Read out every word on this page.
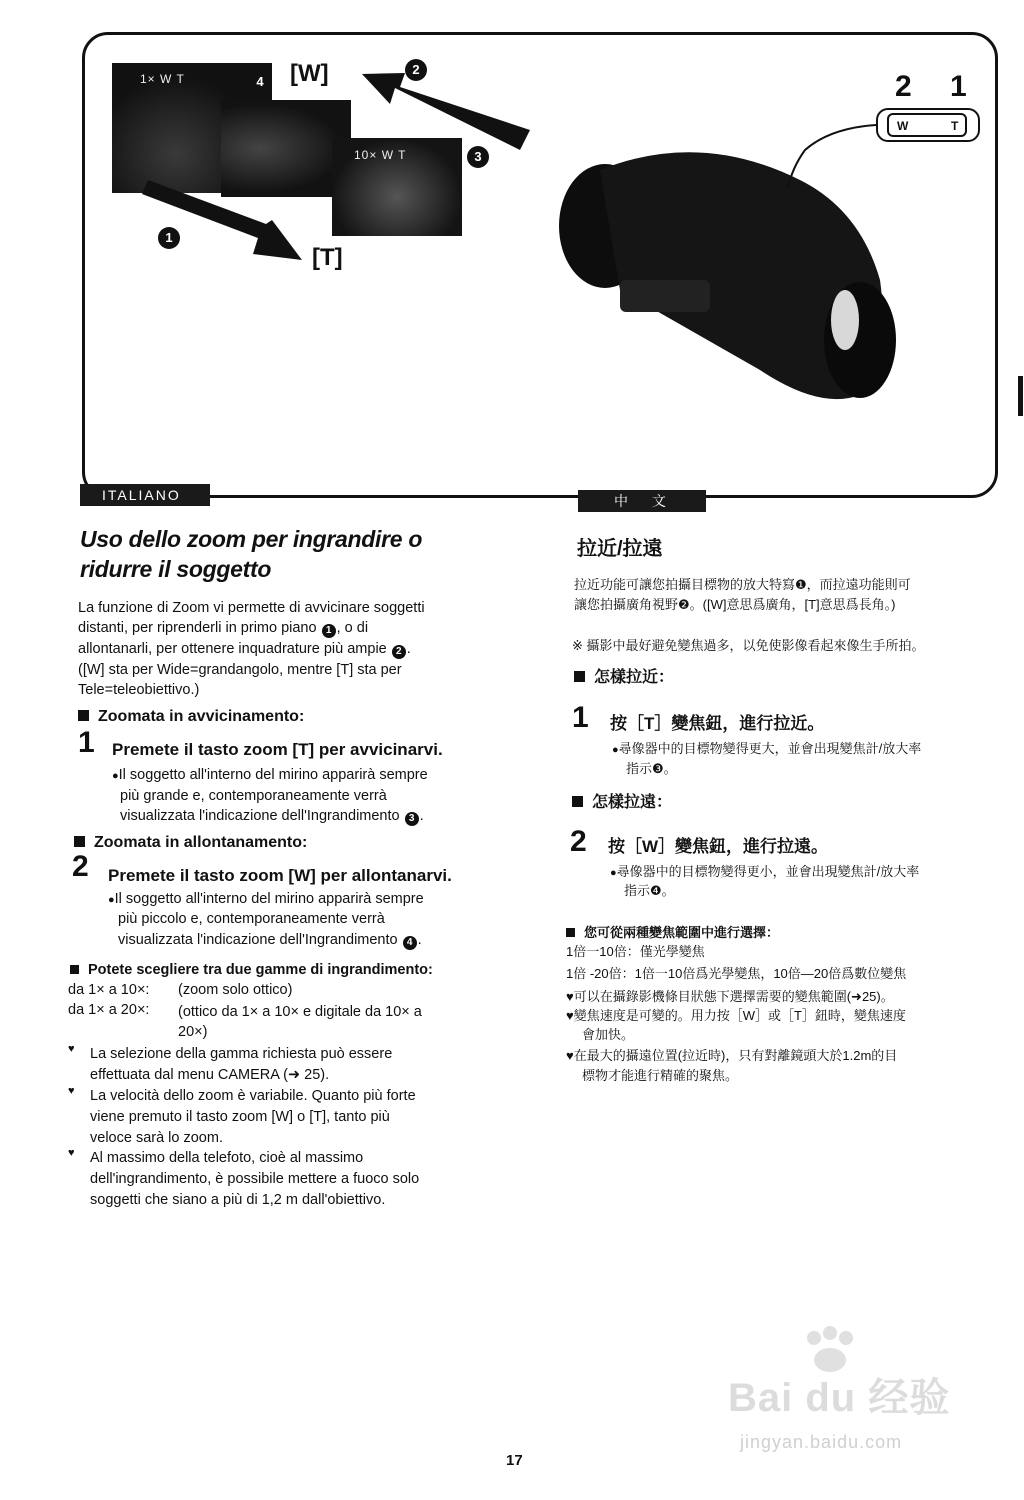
1× W T	4
10× W T	3
[W]
[T]
2
1
2 1
W	T
ITALIANO
Uso dello zoom per ingrandire o
ridurre il soggetto
La funzione di Zoom vi permette di avvicinare soggetti
distanti, per riprenderli in primo piano 1 , o di
allontanarli, per ottenere inquadrature più ampie 2 .
([W] sta per Wide=grandangolo, mentre [T] sta per
Tele=teleobiettivo.)
Zoomata in avvicinamento:
1 Premete il tasto zoom [T] per avvicinarvi.
●Il soggetto all'interno del mirino apparirà sempre
più grande e, contemporaneamente verrà
visualizzata l'indicazione dell'Ingrandimento 3 .
Zoomata in allontanamento:
2 Premete il tasto zoom [W] per allontanarvi.
●Il soggetto all'interno del mirino apparirà sempre
più piccolo e, contemporaneamente verrà
visualizzata l'indicazione dell'Ingrandimento 4 .
Potete scegliere tra due gamme di ingrandimento:
da 1× a 10×: (zoom solo ottico)
da 1× a 20×: (ottico da 1× a 10× e digitale da 10× a
20×)
♥ La selezione della gamma richiesta può essere
effettuata dal menu CAMERA (➜ 25).
♥ La velocità dello zoom è variabile. Quanto più forte
viene premuto il tasto zoom [W] o [T], tanto più
veloce sarà lo zoom.
♥ Al massimo della telefoto, cioè al massimo
dell'ingrandimento, è possibile mettere a fuoco solo
soggetti che siano a più di 1,2 m dall'obiettivo.
中 文
拉近/拉遠
拉近功能可讓您拍攝目標物的放大特寫❶，而拉遠功能則可
讓您拍攝廣角視野❷。([W]意思爲廣角，[T]意思爲長角。)
※ 攝影中最好避免變焦過多，以免使影像看起來像生手所拍。
怎樣拉近：
1 按［T］變焦鈕，進行拉近。
●尋像器中的目標物變得更大，並會出現變焦計/放大率
指示❸。
怎樣拉遠：
2 按［W］變焦鈕，進行拉遠。
●尋像器中的目標物變得更小，並會出現變焦計/放大率
指示❹。
您可從兩種變焦範圍中進行選擇：
1倍一10倍：僅光學變焦
1倍 -20倍：1倍一10倍爲光學變焦，10倍—20倍爲數位變焦
♥可以在攝錄影機條目狀態下選擇需要的變焦範圍(➜25)。
♥變焦速度是可變的。用力按［W］或［T］鈕時，變焦速度
會加快。
♥在最大的攝遠位置(拉近時)，只有對離鏡頭大於1.2m的目
標物才能進行精確的聚焦。
Bai du 经验
jingyan.baidu.com
17
